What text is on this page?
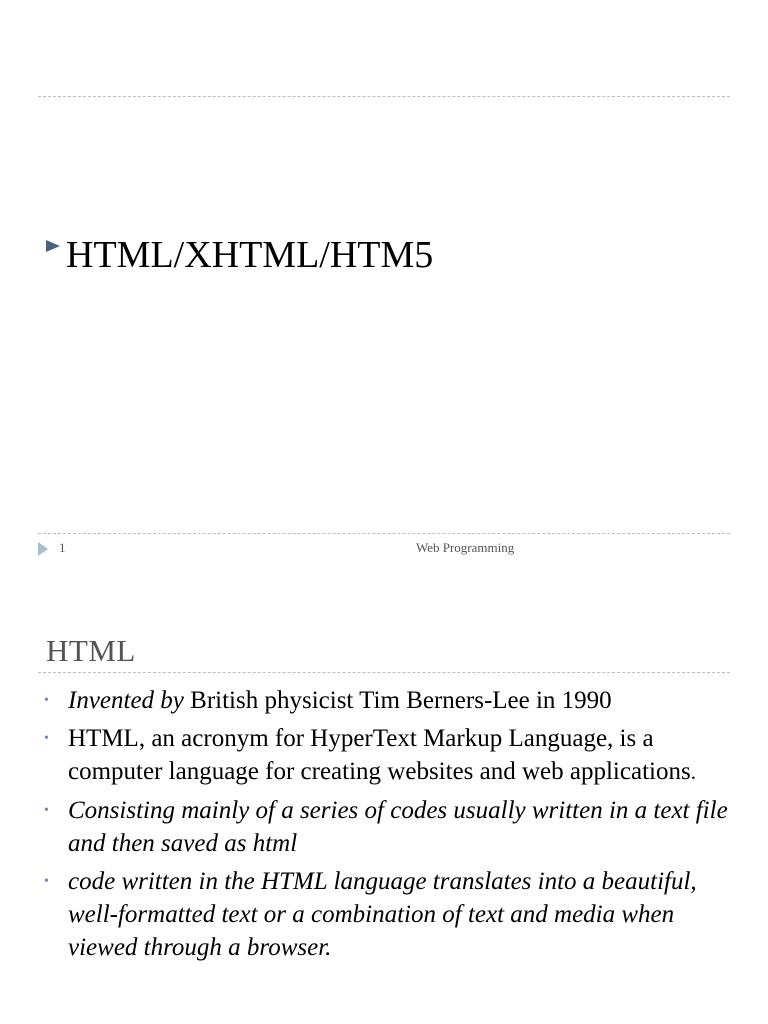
HTML/XHTML/HTM5
1	Web Programming
HTML
• Invented by British physicist Tim Berners-Lee in 1990
• HTML, an acronym for HyperText Markup Language, is a computer language for creating websites and web applications.
• Consisting mainly of a series of codes usually written in a text file and then saved as html
• code written in the HTML language translates into a beautiful, well-formatted text or a combination of text and media when viewed through a browser.
